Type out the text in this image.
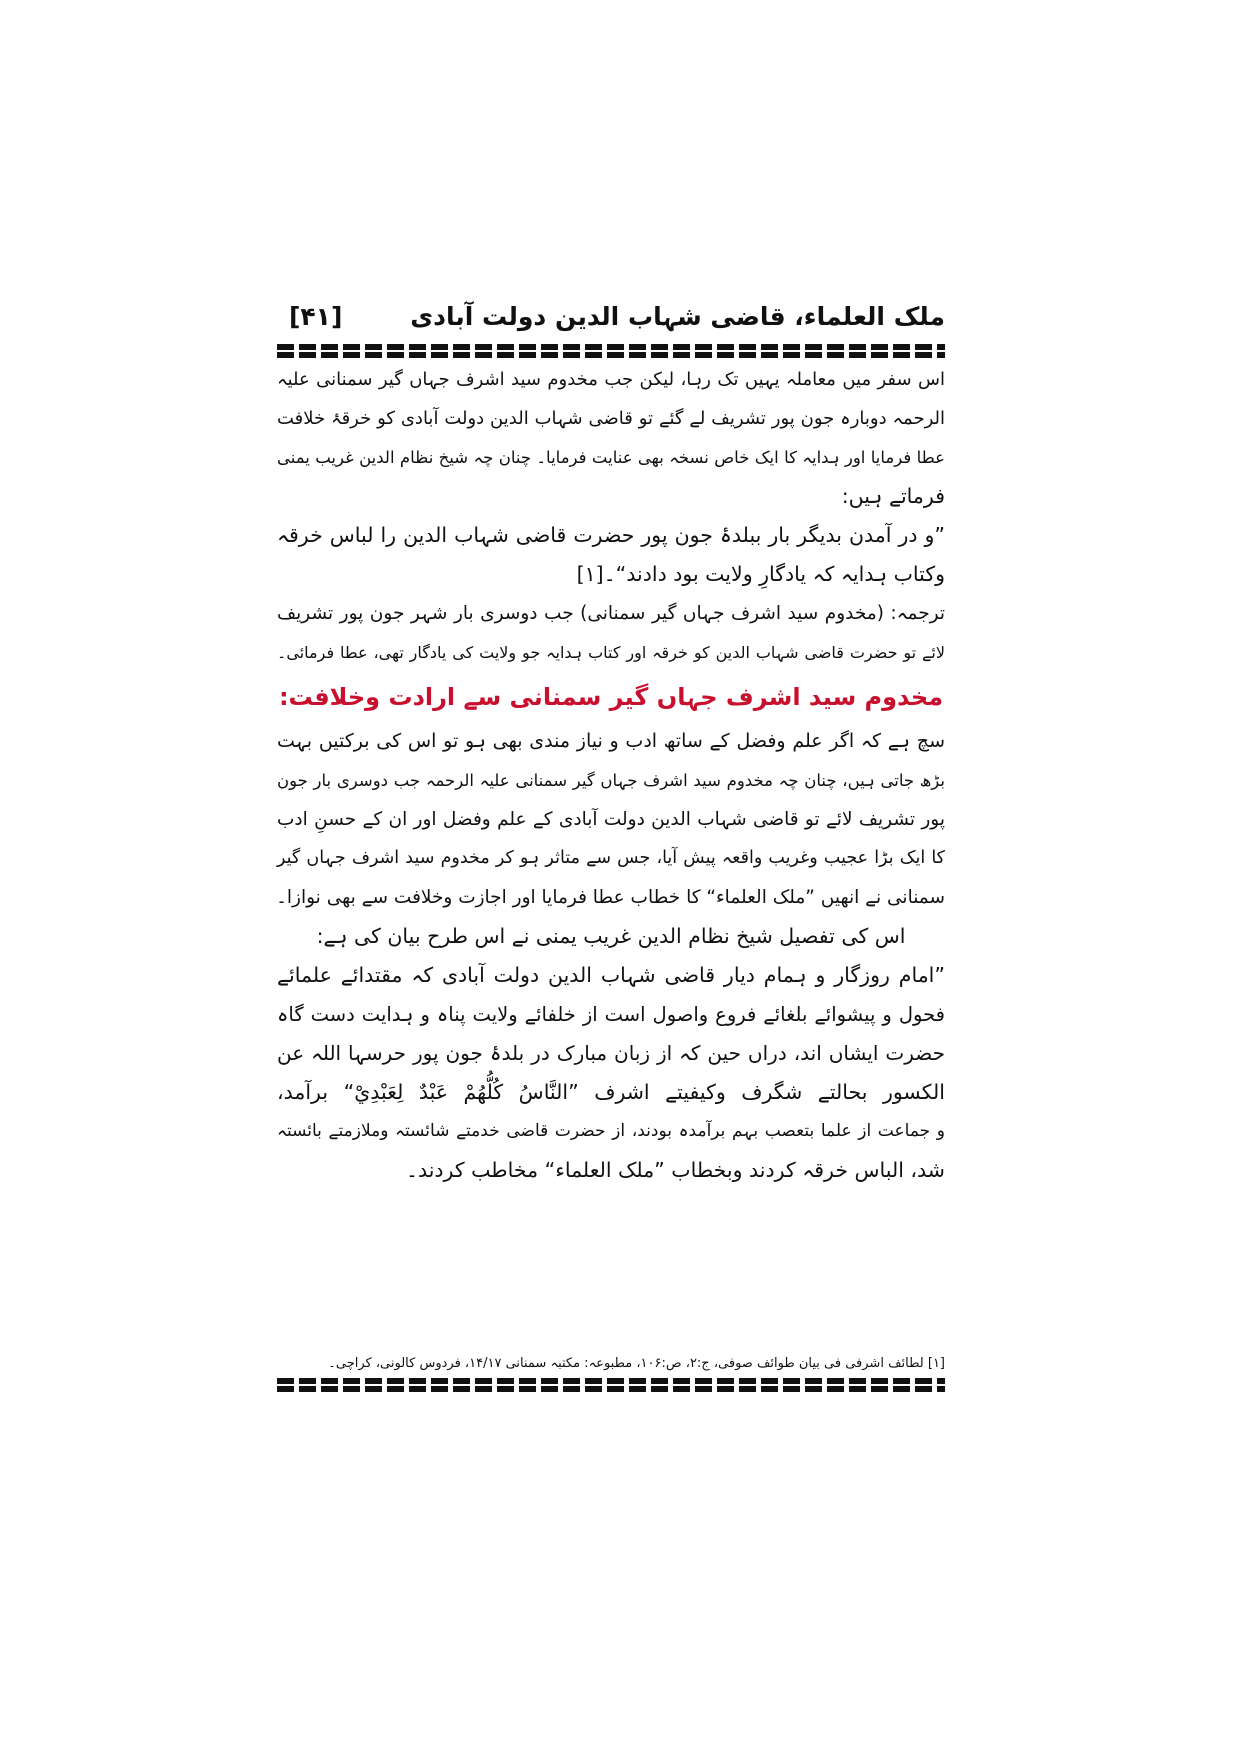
ملک العلماء، قاضی شہاب الدین دولت آبادی
[۴۱]
اس سفر میں معاملہ یہیں تک رہا، لیکن جب مخدوم سید اشرف جہاں گیر سمنانی علیہ
الرحمہ دوبارہ جون پور تشریف لے گئے تو قاضی شہاب الدین دولت آبادی کو خرقۂ خلافت
عطا فرمایا اور ہدایہ کا ایک خاص نسخہ بھی عنایت فرمایا۔ چنان چہ شیخ نظام الدین غریب یمنی
فرماتے ہیں:
”و در آمدن بدیگر بار ببلدۂ جون پور حضرت قاضی شہاب الدین را لباس خرقہ
وکتاب ہدایہ کہ یادگارِ ولایت بود دادند“۔[۱]
ترجمہ: (مخدوم سید اشرف جہاں گیر سمنانی) جب دوسری بار شہر جون پور تشریف
لائے تو حضرت قاضی شہاب الدین کو خرقہ اور کتاب ہدایہ جو ولایت کی یادگار تھی، عطا فرمائی۔
مخدوم سید اشرف جہاں گیر سمنانی سے ارادت وخلافت:
سچ ہے کہ اگر علم وفضل کے ساتھ ادب و نیاز مندی بھی ہو تو اس کی برکتیں بہت
بڑھ جاتی ہیں، چنان چہ مخدوم سید اشرف جہاں گیر سمنانی علیہ الرحمہ جب دوسری بار جون
پور تشریف لائے تو قاضی شہاب الدین دولت آبادی کے علم وفضل اور ان کے حسنِ ادب
کا ایک بڑا عجیب وغریب واقعہ پیش آیا، جس سے متاثر ہو کر مخدوم سید اشرف جہاں گیر
سمنانی نے انھیں ”ملک العلماء“ کا خطاب عطا فرمایا اور اجازت وخلافت سے بھی نوازا۔
اس کی تفصیل شیخ نظام الدین غریب یمنی نے اس طرح بیان کی ہے:
”امام روزگار و ہمام دیار قاضی شہاب الدین دولت آبادی کہ مقتدائے علمائے
فحول و پیشوائے بلغائے فروع واصول است از خلفائے ولایت پناہ و ہدایت دست گاہ
حضرت ایشاں اند، دراں حین کہ از زبان مبارک در بلدۂ جون پور حرسہا اللہ عن
الکسور بحالتے شگرف وکیفیتے اشرف ”النَّاسُ كُلُّهُمْ عَبْدٌ لِعَبْدِيْ“ برآمد،
و جماعت از علما بتعصب بہم برآمدہ بودند، از حضرت قاضی خدمتے شائستہ وملازمتے بائستہ
شد، الباس خرقہ کردند وبخطاب ”ملک العلماء“ مخاطب کردند۔
[۱] لطائف اشرفی فی بیان طوائف صوفی، ج:۲، ص:۱۰۶، مطبوعہ: مکتبہ سمنانی ۱۴/۱۷، فردوس کالونی، کراچی۔
